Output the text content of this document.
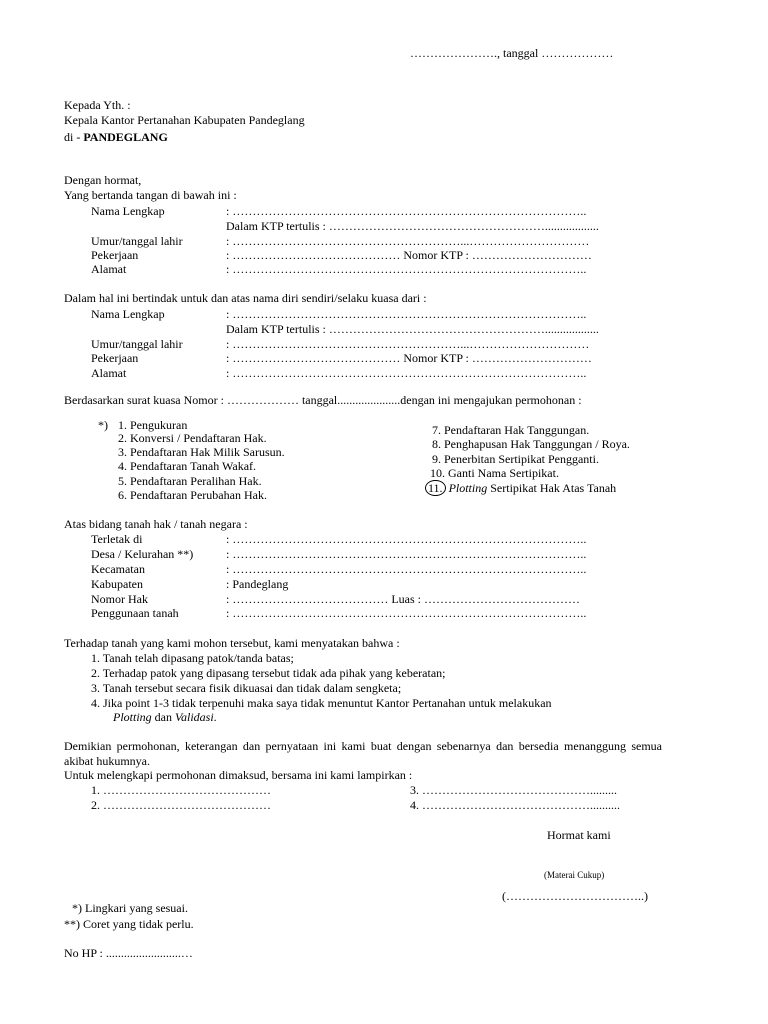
…………………., tanggal ………………
Kepada Yth. :
Kepala Kantor Pertanahan Kabupaten Pandeglang
di - PANDEGLANG
Dengan hormat,
Yang bertanda tangan di bawah ini :
Nama Lengkap	: ……………………………………………………………………………..
Dalam KTP tertulis : ………………………………………………..................
Umur/tanggal lahir	: …………………………………………………...…………………………
Pekerjaan	: …………………………………… Nomor KTP : …………………………
Alamat	: ……………………………………………………………………………..
Dalam hal ini bertindak untuk dan atas nama diri sendiri/selaku kuasa dari :
Nama Lengkap	: ……………………………………………………………………………..
Dalam KTP tertulis : ………………………………………………..................
Umur/tanggal lahir	: …………………………………………………...…………………………
Pekerjaan	: …………………………………… Nomor KTP : …………………………
Alamat	: ……………………………………………………………………………..
Berdasarkan surat kuasa Nomor : ……………… tanggal.....................dengan ini mengajukan permohonan :
*) 1. Pengukuran
2. Konversi / Pendaftaran Hak.
3. Pendaftaran Hak Milik Sarusun.
4. Pendaftaran Tanah Wakaf.
5. Pendaftaran Peralihan Hak.
6. Pendaftaran Perubahan Hak.
7. Pendaftaran Hak Tanggungan.
8. Penghapusan Hak Tanggungan / Roya.
9. Penerbitan Sertipikat Pengganti.
10. Ganti Nama Sertipikat.
11. Plotting Sertipikat Hak Atas Tanah
Atas bidang tanah hak / tanah negara :
Terletak di	: ……………………………………………………………………………..
Desa / Kelurahan **)	: ……………………………………………………………………………..
Kecamatan	: ……………………………………………………………………………..
Kabupaten	: Pandeglang
Nomor Hak	: ………………………………… Luas : …………………………………
Penggunaan tanah	: ……………………………………………………………………………..
Terhadap tanah yang kami mohon tersebut, kami menyatakan bahwa :
1. Tanah telah dipasang patok/tanda batas;
2. Terhadap patok yang dipasang tersebut tidak ada pihak yang keberatan;
3. Tanah tersebut secara fisik dikuasai dan tidak dalam sengketa;
4. Jika point 1-3 tidak terpenuhi maka saya tidak menuntut Kantor Pertanahan untuk melakukan
Plotting dan Validasi.
Demikian permohonan, keterangan dan pernyataan ini kami buat dengan sebenarnya dan bersedia menanggung semua akibat hukumnya.
Untuk melengkapi permohonan dimaksud, bersama ini kami lampirkan :
1. ……………………………………
2. ……………………………………
3. …………………………………….........
4. ……………………………………..........
Hormat kami
(Materai Cukup)
(……………………………..)
*) Lingkari yang sesuai.
**) Coret yang tidak perlu.
No HP : .........................…
